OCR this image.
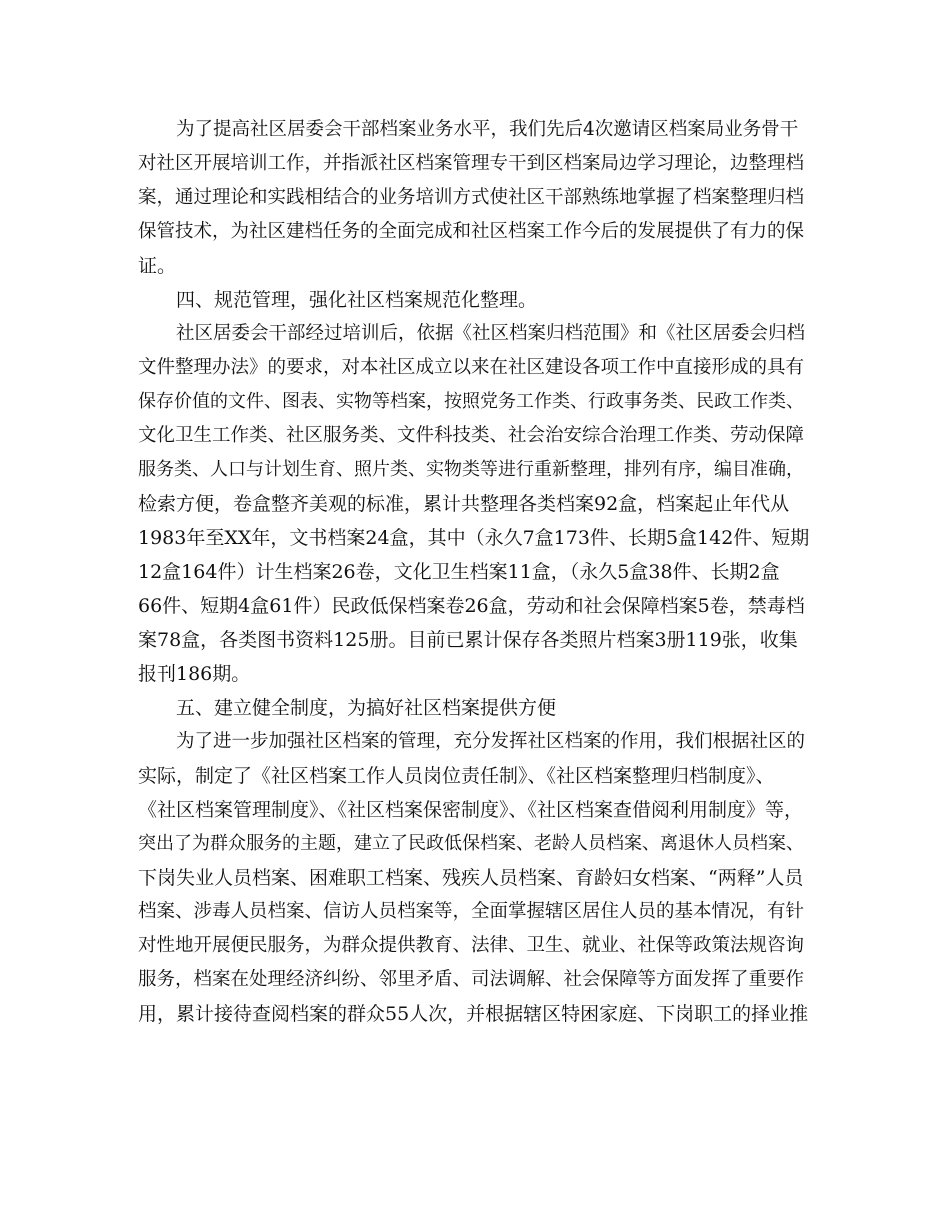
为了提高社区居委会干部档案业务水平，我们先后4次邀请区档案局业务骨干
对社区开展培训工作，并指派社区档案管理专干到区档案局边学习理论，边整理档
案，通过理论和实践相结合的业务培训方式使社区干部熟练地掌握了档案整理归档
保管技术，为社区建档任务的全面完成和社区档案工作今后的发展提供了有力的保
证。
四、规范管理，强化社区档案规范化整理。
社区居委会干部经过培训后，依据《社区档案归档范围》和《社区居委会归档
文件整理办法》的要求，对本社区成立以来在社区建设各项工作中直接形成的具有
保存价值的文件、图表、实物等档案，按照党务工作类、行政事务类、民政工作类、
文化卫生工作类、社区服务类、文件科技类、社会治安综合治理工作类、劳动保障
服务类、人口与计划生育、照片类、实物类等进行重新整理，排列有序，编目准确，
检索方便，卷盒整齐美观的标准，累计共整理各类档案92盒，档案起止年代从
1983年至XX年，文书档案24盒，其中（永久7盒173件、长期5盒142件、短期
12盒164件）计生档案26卷，文化卫生档案11盒，（永久5盒38件、长期2盒
66件、短期4盒61件）民政低保档案卷26盒，劳动和社会保障档案5卷，禁毒档
案78盒，各类图书资料125册。目前已累计保存各类照片档案3册119张，收集
报刊186期。
五、建立健全制度，为搞好社区档案提供方便
为了进一步加强社区档案的管理，充分发挥社区档案的作用，我们根据社区的
实际，制定了《社区档案工作人员岗位责任制》、《社区档案整理归档制度》、
《社区档案管理制度》、《社区档案保密制度》、《社区档案查借阅利用制度》等，
突出了为群众服务的主题，建立了民政低保档案、老龄人员档案、离退休人员档案、
下岗失业人员档案、困难职工档案、残疾人员档案、育龄妇女档案、“两释”人员
档案、涉毒人员档案、信访人员档案等，全面掌握辖区居住人员的基本情况，有针
对性地开展便民服务，为群众提供教育、法律、卫生、就业、社保等政策法规咨询
服务，档案在处理经济纠纷、邻里矛盾、司法调解、社会保障等方面发挥了重要作
用，累计接待查阅档案的群众55人次，并根据辖区特困家庭、下岗职工的择业推
